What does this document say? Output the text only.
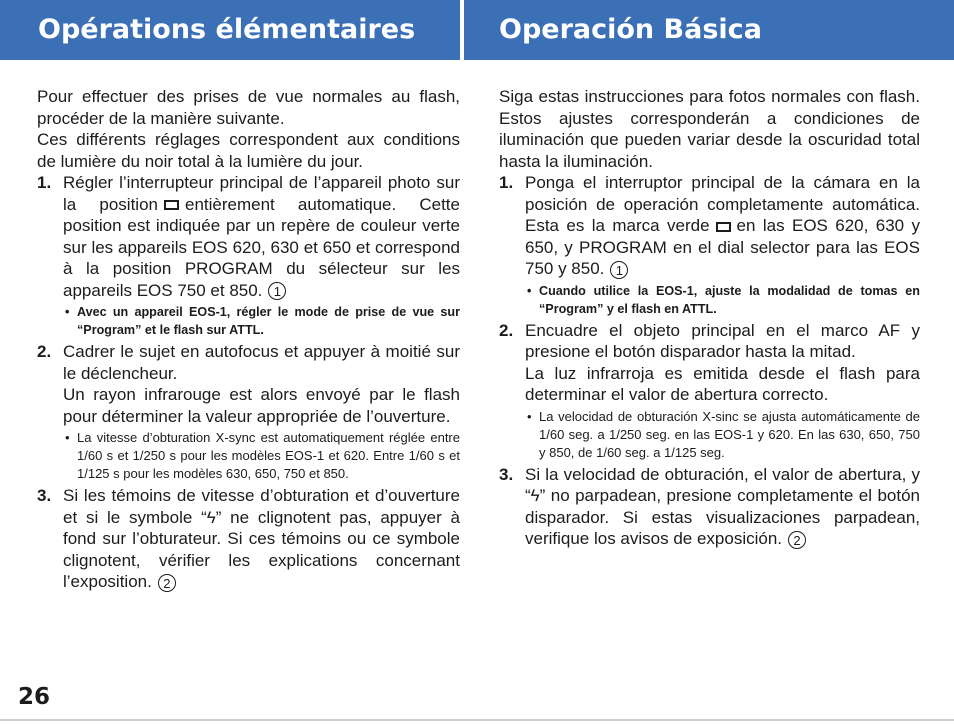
Opérations élémentaires	Operación Básica

Pour effectuer des prises de vue normales au flash, procéder de la manière suivante.

Ces différents réglages correspondent aux conditions de lumière du noir total à la lumière du jour.

1. Régler l’interrupteur principal de l’appareil photo sur la position entièrement automatique. Cette position est indiquée par un repère de couleur verte sur les appareils EOS 620, 630 et 650 et correspond à la position PROGRAM du sélecteur sur les appareils EOS 750 et 850. 1

• Avec un appareil EOS-1, régler le mode de prise de vue sur “Program” et le flash sur ATTL.
2. Cadrer le sujet en autofocus et appuyer à moitié sur le déclencheur.

Un rayon infrarouge est alors envoyé par le flash pour déterminer la valeur appropriée de l’ouverture.

• La vitesse d’obturation X-sync est automatiquement réglée entre 1/60 s et 1/250 s pour les modèles EOS-1 et 620. Entre 1/60 s et 1/125 s pour les modèles 630, 650, 750 et 850.
3. Si les témoins de vitesse d’obturation et d’ouverture et si le symbole “ϟ” ne clignotent pas, appuyer à fond sur l’obturateur. Si ces témoins ou ce symbole clignotent, vérifier les explications concernant l’exposition. 2

Siga estas instrucciones para fotos normales con flash. Estos ajustes corresponderán a condiciones de iluminación que pueden variar desde la oscuridad total hasta la iluminación.

1. Ponga el interruptor principal de la cámara en la posición de operación completamente automática. Esta es la marca verde en las EOS 620, 630 y 650, y PROGRAM en el dial selector para las EOS 750 y 850. 1

• Cuando utilice la EOS-1, ajuste la modalidad de tomas en “Program” y el flash en ATTL.
2. Encuadre el objeto principal en el marco AF y presione el botón disparador hasta la mitad.

La luz infrarroja es emitida desde el flash para determinar el valor de abertura correcto.

• La velocidad de obturación X-sinc se ajusta automáticamente de 1/60 seg. a 1/250 seg. en las EOS-1 y 620. En las 630, 650, 750 y 850, de 1/60 seg. a 1/125 seg.
3. Si la velocidad de obturación, el valor de abertura, y “ϟ” no parpadean, presione completamente el botón disparador. Si estas visualizaciones parpadean, verifique los avisos de exposición. 2

26
